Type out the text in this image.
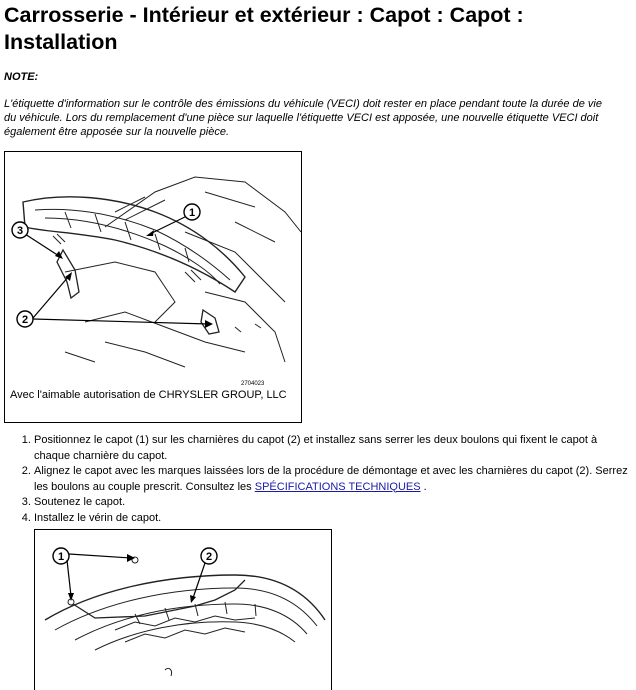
Carrosserie - Intérieur et extérieur : Capot : Capot : Installation
NOTE:
L'étiquette d'information sur le contrôle des émissions du véhicule (VECI) doit rester en place pendant toute la durée de vie du véhicule. Lors du remplacement d'une pièce sur laquelle l'étiquette VECI est apposée, une nouvelle étiquette VECI doit également être apposée sur la nouvelle pièce.
1
3
2
2704023
Avec l'aimable autorisation de CHRYSLER GROUP, LLC
1. Positionnez le capot (1) sur les charnières du capot (2) et installez sans serrer les deux boulons qui fixent le capot à chaque charnière du capot.
2. Alignez le capot avec les marques laissées lors de la procédure de démontage et avec les charnières du capot (2). Serrez les boulons au couple prescrit. Consultez les SPÉCIFICATIONS TECHNIQUES .
3. Soutenez le capot.
4. Installez le vérin de capot.
1	2
